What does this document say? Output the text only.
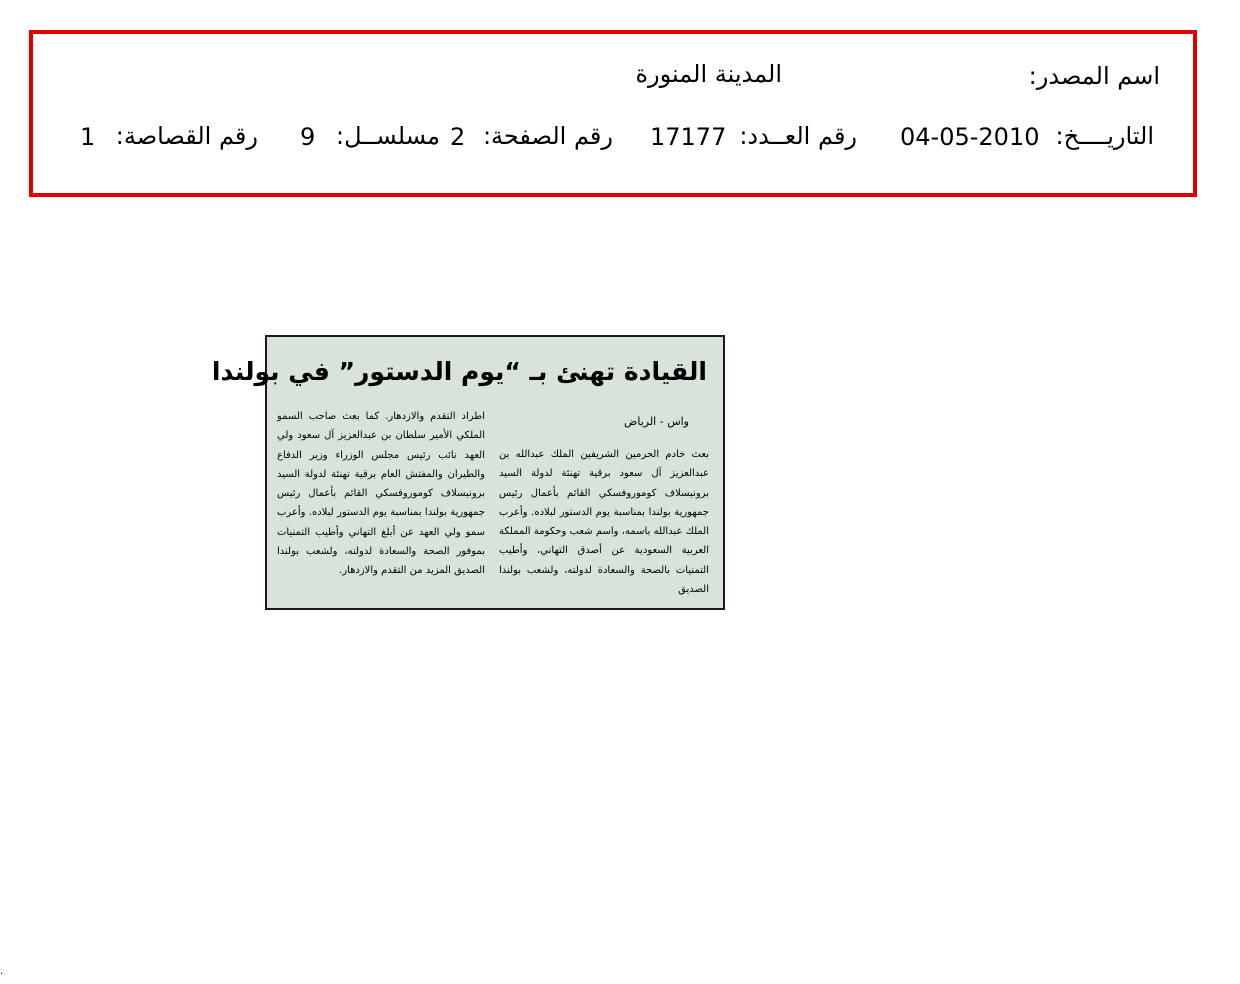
اسم المصدر:
المدينة المنورة
التاريــــخ:
04-05-2010
رقم العــدد:
17177
رقم الصفحة:
2
مسلســل:
9
رقم القصاصة:
1
القيادة تهنئ بـ “يوم الدستور” في بولندا
واس - الرياض
بعث خادم الحرمين الشريفين الملك عبدالله بن عبدالعزيز آل سعود برقية تهنئة لدولة السيد برونيسلاف كوموروفسكي القائم بأعمال رئيس جمهورية بولندا بمناسبة يوم الدستور لبلاده. وأعرب الملك عبدالله باسمه، واسم شعب وحكومة المملكة العربية السعودية عن أصدق التهاني، وأطيب التمنيات بالصحة والسعادة لدولته، ولشعب بولندا الصديق
اطراد التقدم والازدهار. كما بعث صاحب السمو الملكي الأمير سلطان بن عبدالعزيز آل سعود ولي العهد نائب رئيس مجلس الوزراء وزير الدفاع والطيران والمفتش العام برقية تهنئة لدولة السيد برونيسلاف كوموروفسكي القائم بأعمال رئيس جمهورية بولندا بمناسبة يوم الدستور لبلاده. وأعرب سمو ولي العهد عن أبلغ التهاني وأطيب التمنيات بموفور الصحة والسعادة لدولته، ولشعب بولندا الصديق المزيد من التقدم والازدهار.
.
